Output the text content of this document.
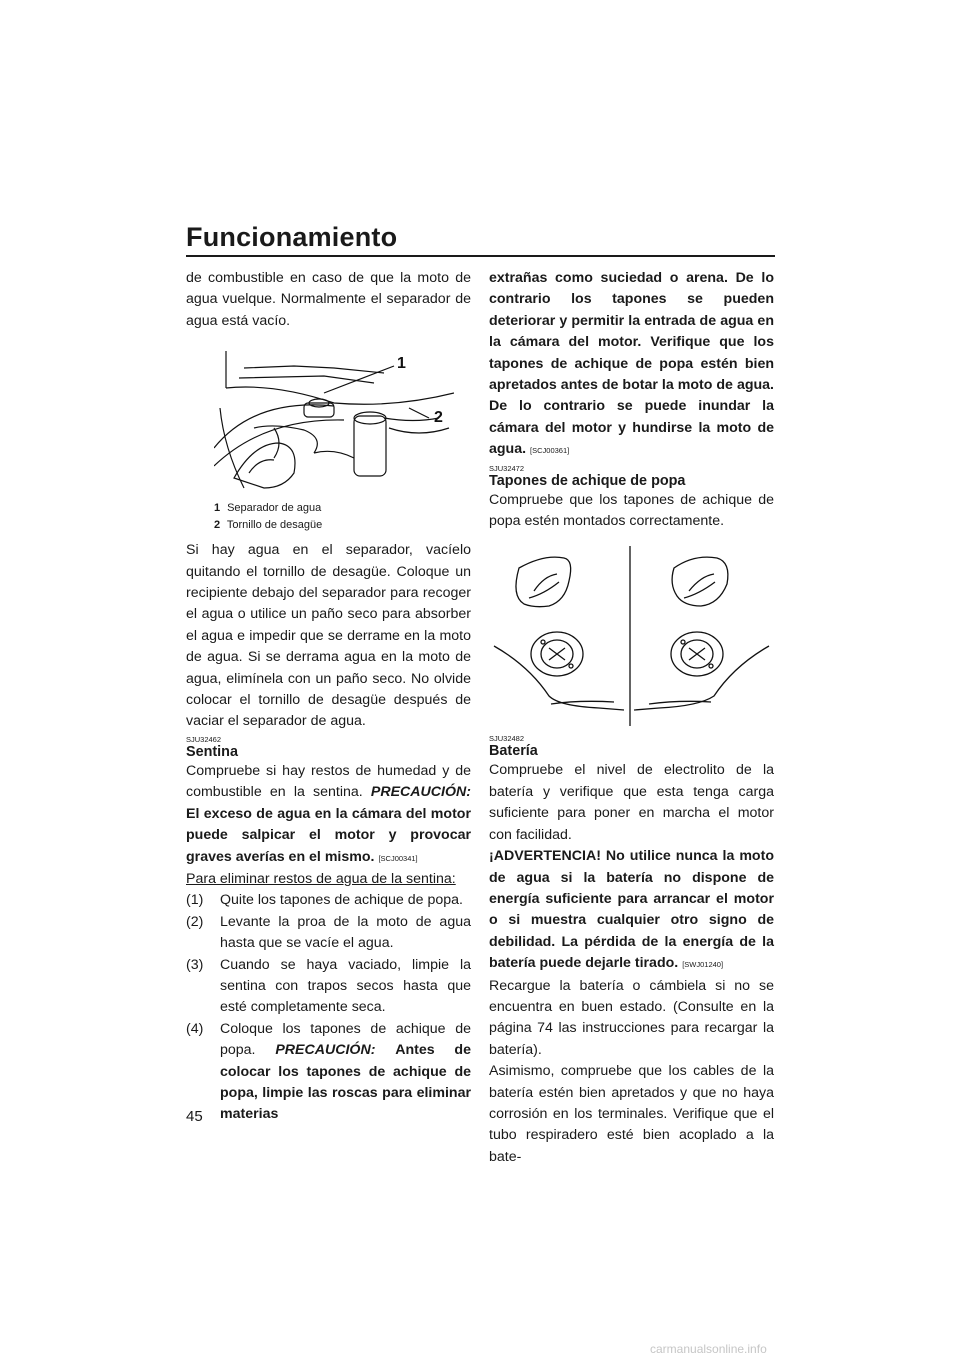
Funcionamiento

de combustible en caso de que la moto de agua vuelque. Normalmente el separador de agua está vacío.

1
2
1 Separador de agua
2 Tornillo de desagüe

Si hay agua en el separador, vacíelo quitando el tornillo de desagüe. Coloque un recipiente debajo del separador para recoger el agua o utilice un paño seco para absorber el agua e impedir que se derrame en la moto de agua. Si se derrama agua en la moto de agua, elimínela con un paño seco. No olvide colocar el tornillo de desagüe después de vaciar el separador de agua.

SJU32462
Sentina

Compruebe si hay restos de humedad y de combustible en la sentina. PRECAUCIÓN: El exceso de agua en la cámara del motor puede salpicar el motor y provocar graves averías en el mismo. [SCJ00341]

Para eliminar restos de agua de la sentina:
(1)	Quite los tapones de achique de popa.
(2)	Levante la proa de la moto de agua hasta que se vacíe el agua.
(3)	Cuando se haya vaciado, limpie la sentina con trapos secos hasta que esté completamente seca.
(4)	Coloque los tapones de achique de popa. PRECAUCIÓN: Antes de colocar los tapones de achique de popa, limpie las roscas para eliminar materias

extrañas como suciedad o arena. De lo contrario los tapones se pueden deteriorar y permitir la entrada de agua en la cámara del motor. Verifique que los tapones de achique de popa estén bien apretados antes de botar la moto de agua. De lo contrario se puede inundar la cámara del motor y hundirse la moto de agua. [SCJ00361]

SJU32472
Tapones de achique de popa

Compruebe que los tapones de achique de popa estén montados correctamente.

SJU32482
Batería

Compruebe el nivel de electrolito de la batería y verifique que esta tenga carga suficiente para poner en marcha el motor con facilidad.

¡ADVERTENCIA! No utilice nunca la moto de agua si la batería no dispone de energía suficiente para arrancar el motor o si muestra cualquier otro signo de debilidad. La pérdida de la energía de la batería puede dejarle tirado. [SWJ01240]

Recargue la batería o cámbiela si no se encuentra en buen estado. (Consulte en la página 74 las instrucciones para recargar la batería).

Asimismo, compruebe que los cables de la batería estén bien apretados y que no haya corrosión en los terminales. Verifique que el tubo respiradero esté bien acoplado a la bate-

45
carmanualsonline.info
